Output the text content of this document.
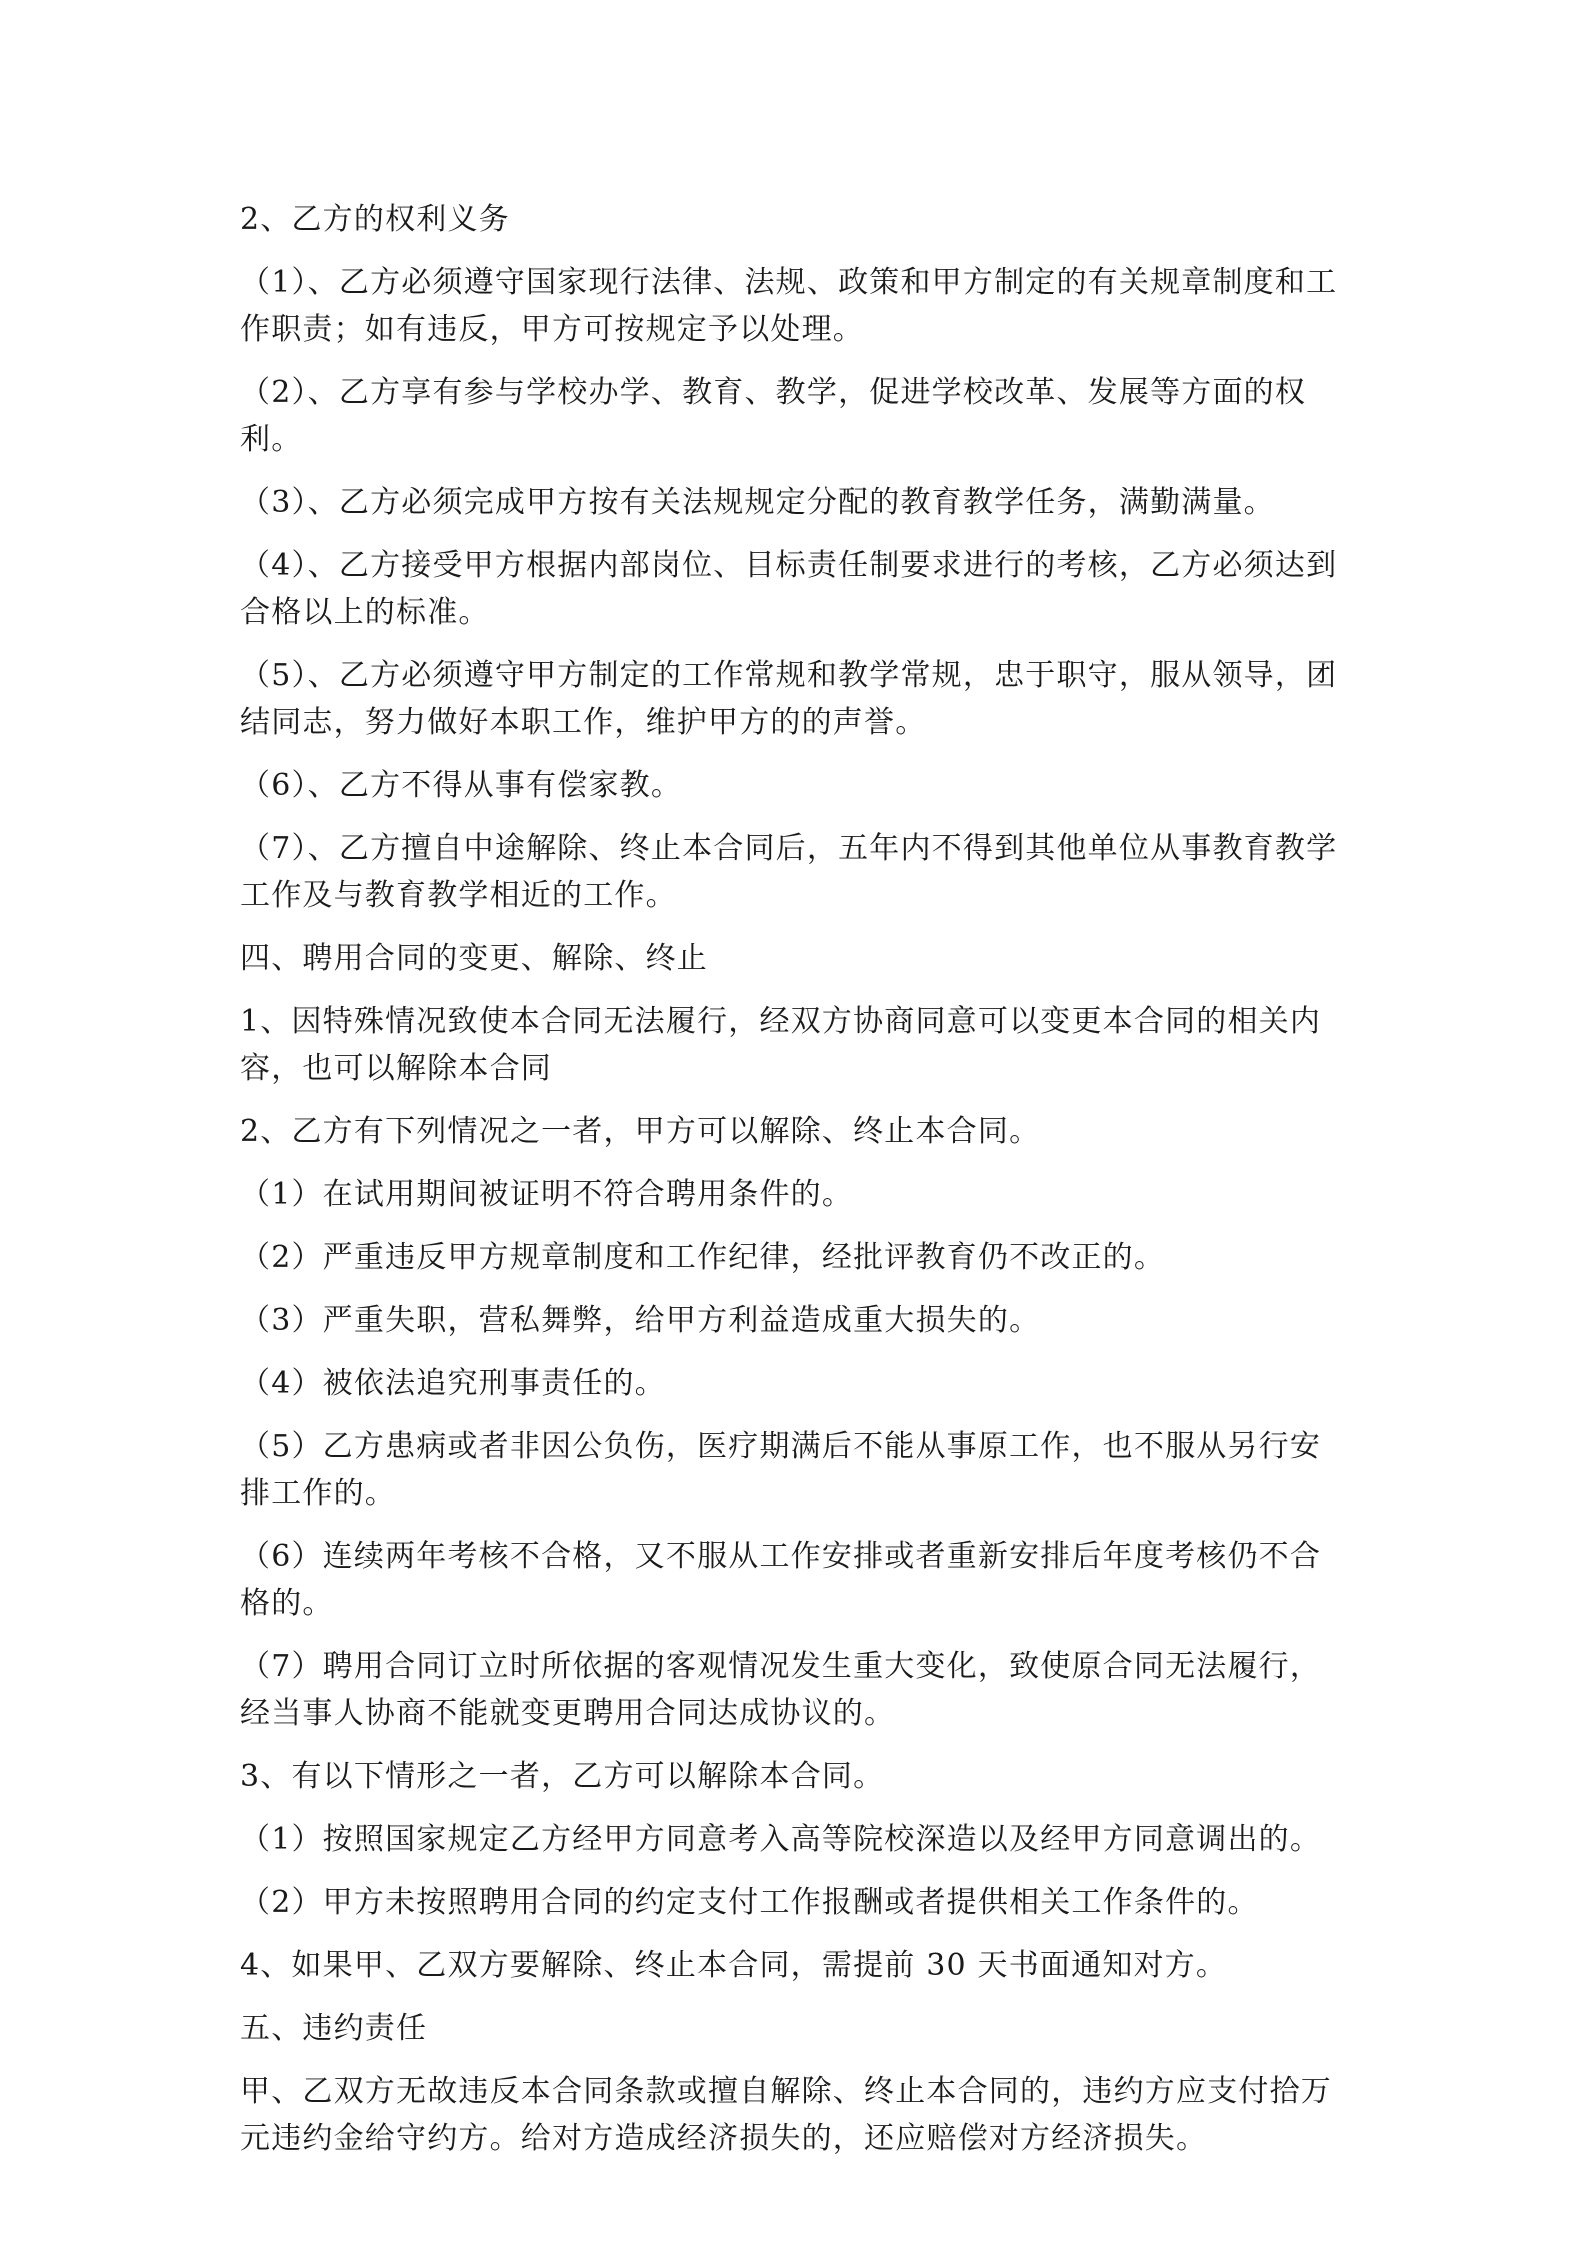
2、乙方的权利义务

（1）、乙方必须遵守国家现行法律、法规、政策和甲方制定的有关规章制度和工作职责；如有违反，甲方可按规定予以处理。

（2）、乙方享有参与学校办学、教育、教学，促进学校改革、发展等方面的权利。

（3）、乙方必须完成甲方按有关法规规定分配的教育教学任务，满勤满量。

（4）、乙方接受甲方根据内部岗位、目标责任制要求进行的考核，乙方必须达到合格以上的标准。

（5）、乙方必须遵守甲方制定的工作常规和教学常规，忠于职守，服从领导，团结同志，努力做好本职工作，维护甲方的的声誉。

（6）、乙方不得从事有偿家教。

（7）、乙方擅自中途解除、终止本合同后，五年内不得到其他单位从事教育教学工作及与教育教学相近的工作。

四、聘用合同的变更、解除、终止

1、因特殊情况致使本合同无法履行，经双方协商同意可以变更本合同的相关内容，也可以解除本合同

2、乙方有下列情况之一者，甲方可以解除、终止本合同。

（1）在试用期间被证明不符合聘用条件的。

（2）严重违反甲方规章制度和工作纪律，经批评教育仍不改正的。

（3）严重失职，营私舞弊，给甲方利益造成重大损失的。

（4）被依法追究刑事责任的。

（5）乙方患病或者非因公负伤，医疗期满后不能从事原工作，也不服从另行安排工作的。

（6）连续两年考核不合格，又不服从工作安排或者重新安排后年度考核仍不合格的。

（7）聘用合同订立时所依据的客观情况发生重大变化，致使原合同无法履行，经当事人协商不能就变更聘用合同达成协议的。

3、有以下情形之一者，乙方可以解除本合同。

（1）按照国家规定乙方经甲方同意考入高等院校深造以及经甲方同意调出的。

（2）甲方未按照聘用合同的约定支付工作报酬或者提供相关工作条件的。

4、如果甲、乙双方要解除、终止本合同，需提前 30 天书面通知对方。

五、违约责任

甲、乙双方无故违反本合同条款或擅自解除、终止本合同的，违约方应支付拾万元违约金给守约方。给对方造成经济损失的，还应赔偿对方经济损失。
